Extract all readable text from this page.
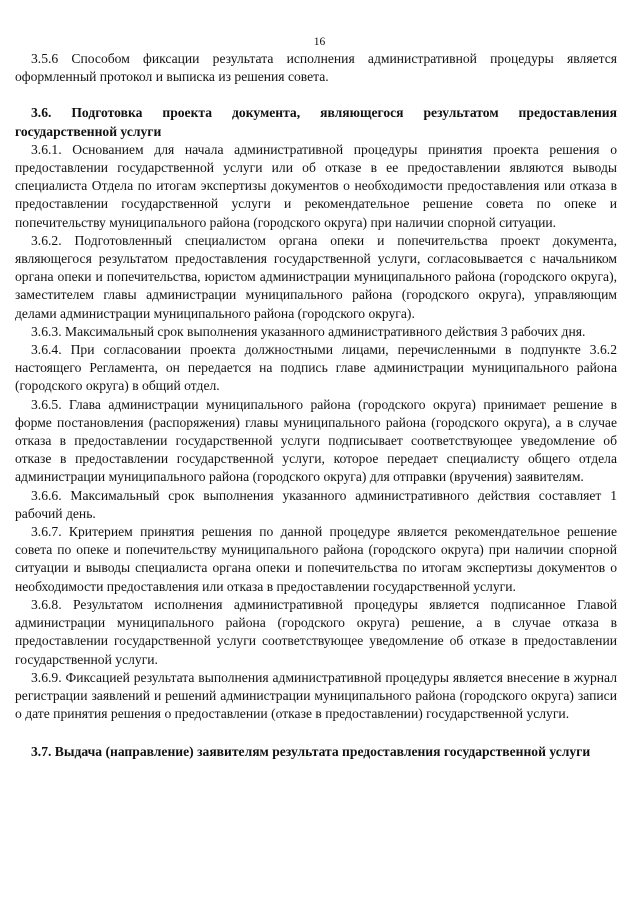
16

3.5.6 Способом фиксации результата исполнения административной процедуры является оформленный протокол и выписка из решения совета.

3.6. Подготовка проекта документа, являющегося результатом предоставления государственной услуги

3.6.1. Основанием для начала административной процедуры принятия проекта решения о предоставлении государственной услуги или об отказе в ее предоставлении являются выводы специалиста Отдела по итогам экспертизы документов о необходимости предоставления или отказа в предоставлении государственной услуги и рекомендательное решение совета по опеке и попечительству муниципального района (городского округа) при наличии спорной ситуации.

3.6.2. Подготовленный специалистом органа опеки и попечительства проект документа, являющегося результатом предоставления государственной услуги, согласовывается с начальником органа опеки и попечительства, юристом администрации муниципального района (городского округа), заместителем главы администрации муниципального района (городского округа), управляющим делами администрации муниципального района (городского округа).

3.6.3. Максимальный срок выполнения указанного административного действия 3 рабочих дня.

3.6.4. При согласовании проекта должностными лицами, перечисленными в подпункте 3.6.2 настоящего Регламента, он передается на подпись главе администрации муниципального района (городского округа) в общий отдел.

3.6.5. Глава администрации муниципального района (городского округа) принимает решение в форме постановления (распоряжения) главы муниципального района (городского округа), а в случае отказа в предоставлении государственной услуги подписывает соответствующее уведомление об отказе в предоставлении государственной услуги, которое передает специалисту общего отдела администрации муниципального района (городского округа) для отправки (вручения) заявителям.

3.6.6. Максимальный срок выполнения указанного административного действия составляет 1 рабочий день.

3.6.7. Критерием принятия решения по данной процедуре является рекомендательное решение совета по опеке и попечительству муниципального района (городского округа) при наличии спорной ситуации и выводы специалиста органа опеки и попечительства по итогам экспертизы документов о необходимости предоставления или отказа в предоставлении государственной услуги.

3.6.8. Результатом исполнения административной процедуры является подписанное Главой администрации муниципального района (городского округа) решение, а в случае отказа в предоставлении государственной услуги соответствующее уведомление об отказе в предоставлении государственной услуги.

3.6.9. Фиксацией результата выполнения административной процедуры является внесение в журнал регистрации заявлений и решений администрации муниципального района (городского округа) записи о дате принятия решения о предоставлении (отказе в предоставлении) государственной услуги.

3.7. Выдача (направление) заявителям результата предоставления государственной услуги
